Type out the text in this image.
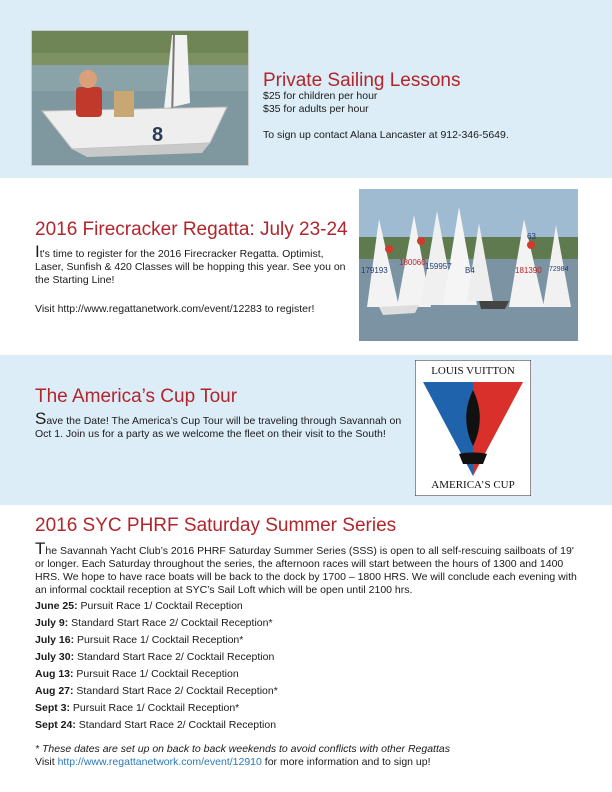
8
Private Sailing Lessons

$25 for children per hour

$35 for adults per hour

To sign up contact Alana Lancaster at 912-346-5649.

2016 Firecracker Regatta: July 23-24
It's time to register for the 2016 Firecracker Regatta. Optimist, Laser, Sunfish & 420 Classes will be hopping this year. See you on the Starting Line!

Visit http://www.regattanetwork.com/event/12283 to register!

179193
180060 159957 B4
63
181390 72984
The America’s Cup Tour
Save the Date! The America’s Cup Tour will be traveling through Savannah on Oct 1. Join us for a party as we welcome the fleet on their visit to the South!
LOUIS VUITTON
AMERICA’S CUP
2016 SYC PHRF Saturday Summer Series
The Savannah Yacht Club’s 2016 PHRF Saturday Summer Series (SSS) is open to all self-rescuing sailboats of 19' or longer. Each Saturday throughout the series, the afternoon races will start between the hours of 1300 and 1400 HRS. We hope to have race boats will be back to the dock by 1700 – 1800 HRS. We will conclude each evening with an informal cocktail reception at SYC’s Sail Loft which will be open until 2100 hrs.
June 25: Pursuit Race 1/ Cocktail Reception
July 9: Standard Start Race 2/ Cocktail Reception*
July 16: Pursuit Race 1/ Cocktail Reception*
July 30: Standard Start Race 2/ Cocktail Reception
Aug 13: Pursuit Race 1/ Cocktail Reception
Aug 27: Standard Start Race 2/ Cocktail Reception*
Sept 3: Pursuit Race 1/ Cocktail Reception*
Sept 24: Standard Start Race 2/ Cocktail Reception

* These dates are set up on back to back weekends to avoid conflicts with other Regattas

Visit http://www.regattanetwork.com/event/12910 for more information and to sign up!
